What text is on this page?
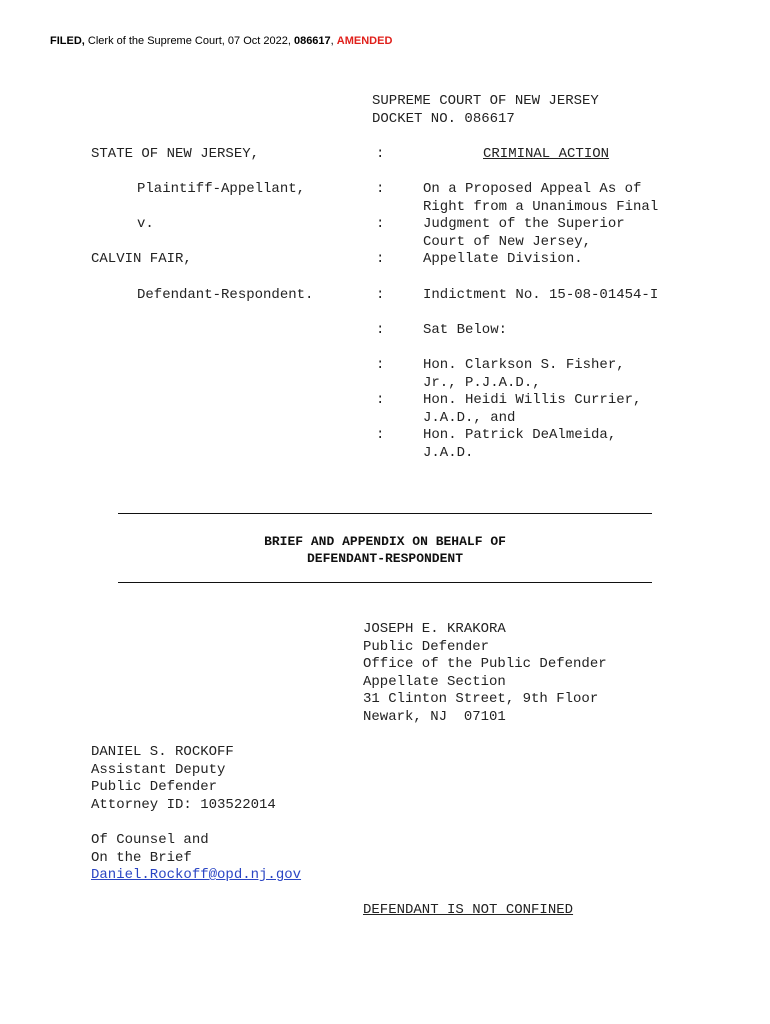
FILED, Clerk of the Supreme Court, 07 Oct 2022, 086617, AMENDED
SUPREME COURT OF NEW JERSEY
DOCKET NO. 086617
STATE OF NEW JERSEY,
Plaintiff-Appellant,
v.
CALVIN FAIR,
Defendant-Respondent.
:
:
:
:
:
:
:
:
:
CRIMINAL ACTION
On a Proposed Appeal As of
Right from a Unanimous Final
Judgment of the Superior
Court of New Jersey,
Appellate Division.
Indictment No. 15-08-01454-I
Sat Below:
Hon. Clarkson S. Fisher,
Jr., P.J.A.D.,
Hon. Heidi Willis Currier,
J.A.D., and
Hon. Patrick DeAlmeida,
J.A.D.
BRIEF AND APPENDIX ON BEHALF OF
DEFENDANT-RESPONDENT
JOSEPH E. KRAKORA
Public Defender
Office of the Public Defender
Appellate Section
31 Clinton Street, 9th Floor
Newark, NJ  07101
DANIEL S. ROCKOFF
Assistant Deputy
Public Defender
Attorney ID: 103522014
Of Counsel and
On the Brief
Daniel.Rockoff@opd.nj.gov
DEFENDANT IS NOT CONFINED
